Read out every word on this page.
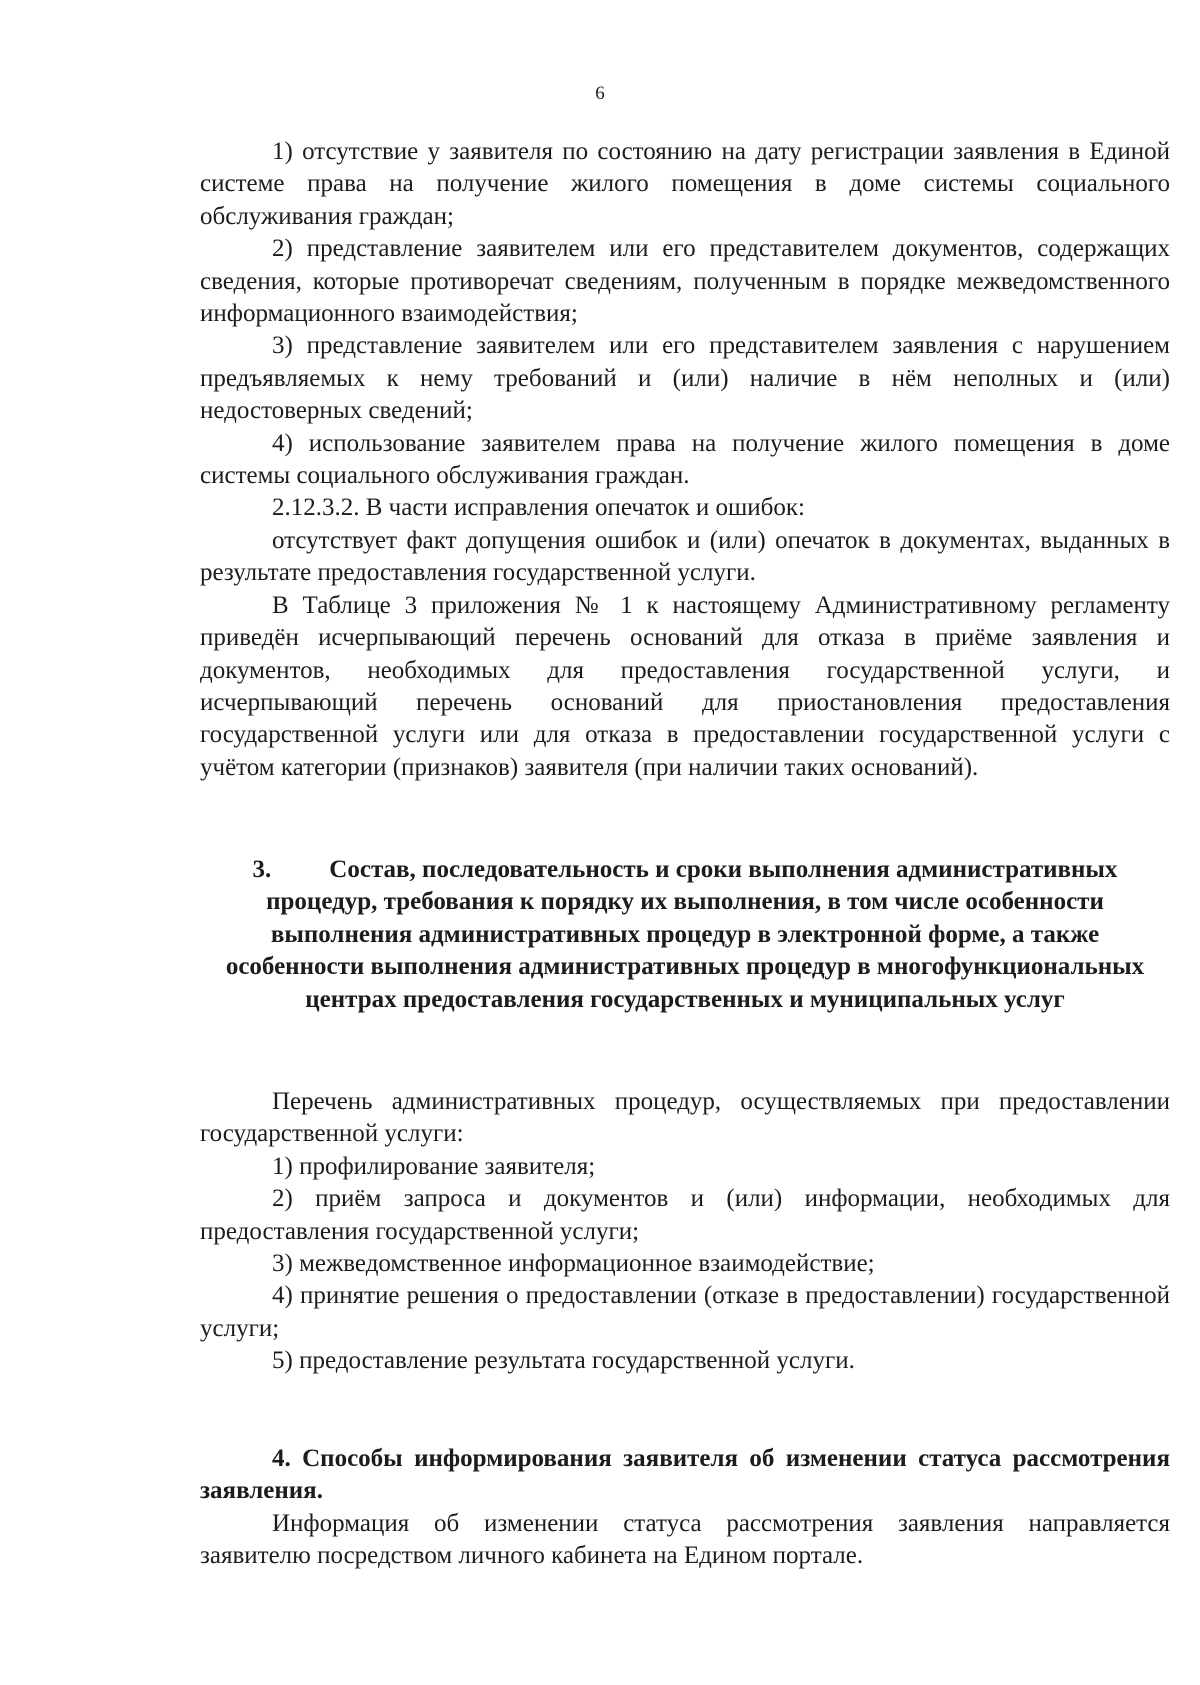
6

1) отсутствие у заявителя по состоянию на дату регистрации заявления в Единой системе права на получение жилого помещения в доме системы социального обслуживания граждан;

2) представление заявителем или его представителем документов, содержащих сведения, которые противоречат сведениям, полученным в порядке межведомственного информационного взаимодействия;

3) представление заявителем или его представителем заявления с нарушением предъявляемых к нему требований и (или) наличие в нём неполных и (или) недостоверных сведений;

4) использование заявителем права на получение жилого помещения в доме системы социального обслуживания граждан.

2.12.3.2. В части исправления опечаток и ошибок:

отсутствует факт допущения ошибок и (или) опечаток в документах, выданных в результате предоставления государственной услуги.

В Таблице 3 приложения № 1 к настоящему Административному регламенту приведён исчерпывающий перечень оснований для отказа в приёме заявления и документов, необходимых для предоставления государственной услуги, и исчерпывающий перечень оснований для приостановления предоставления государственной услуги или для отказа в предоставлении государственной услуги с учётом категории (признаков) заявителя (при наличии таких оснований).

3. Состав, последовательность и сроки выполнения административных процедур, требования к порядку их выполнения, в том числе особенности выполнения административных процедур в электронной форме, а также особенности выполнения административных процедур в многофункциональных центрах предоставления государственных и муниципальных услуг

Перечень административных процедур, осуществляемых при предоставлении государственной услуги:

1) профилирование заявителя;

2) приём запроса и документов и (или) информации, необходимых для предоставления государственной услуги;

3) межведомственное информационное взаимодействие;

4) принятие решения о предоставлении (отказе в предоставлении) государственной услуги;

5) предоставление результата государственной услуги.

4. Способы информирования заявителя об изменении статуса рассмотрения заявления.

Информация об изменении статуса рассмотрения заявления направляется заявителю посредством личного кабинета на Едином портале.
